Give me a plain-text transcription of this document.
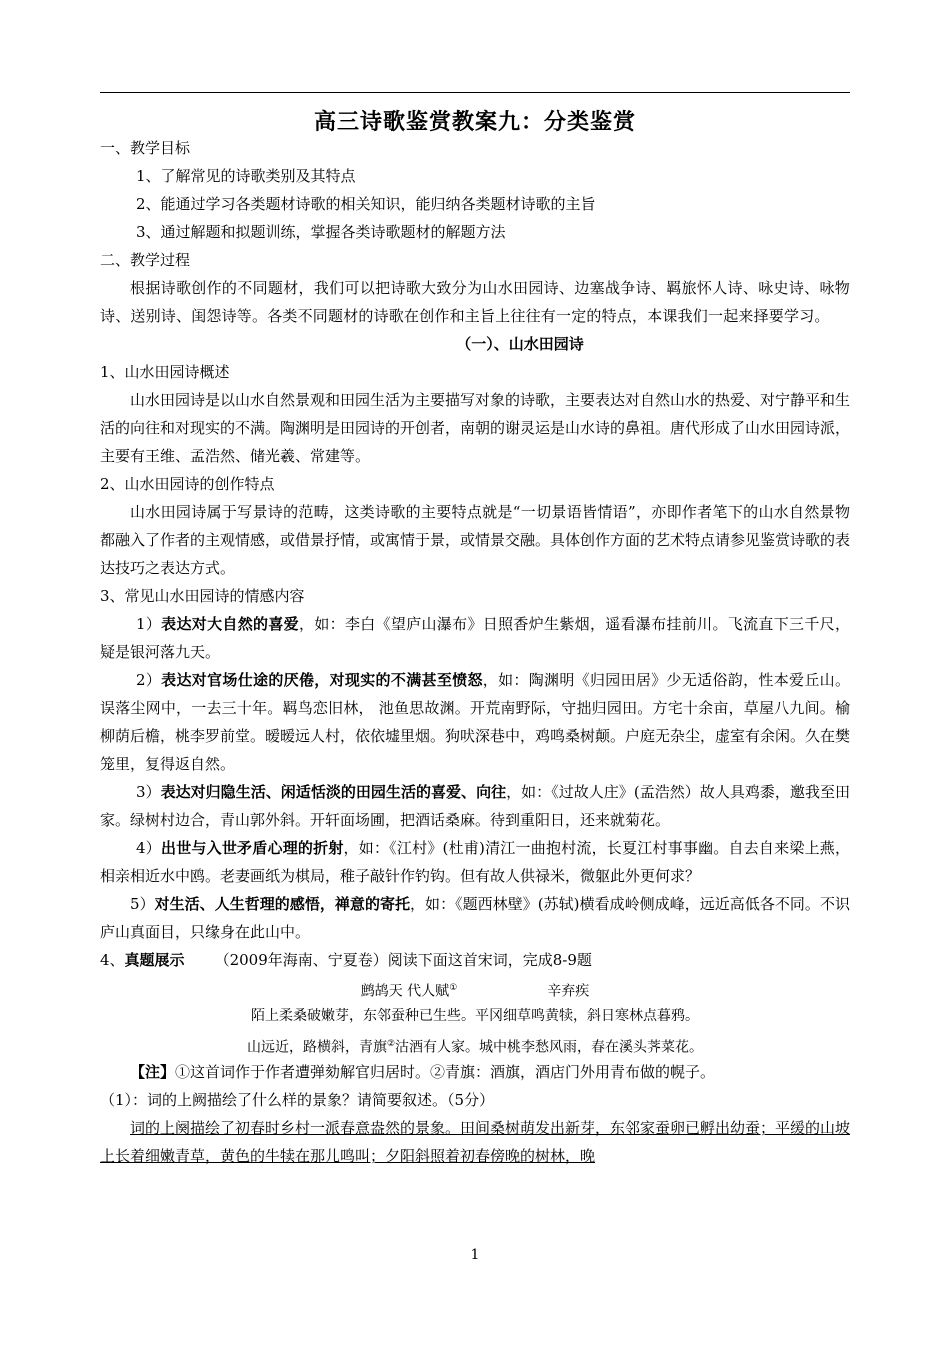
高三诗歌鉴赏教案九：分类鉴赏
一、教学目标
1、了解常见的诗歌类别及其特点
2、能通过学习各类题材诗歌的相关知识，能归纳各类题材诗歌的主旨
3、通过解题和拟题训练，掌握各类诗歌题材的解题方法
二、教学过程
根据诗歌创作的不同题材，我们可以把诗歌大致分为山水田园诗、边塞战争诗、羁旅怀人诗、咏史诗、咏物诗、送别诗、闺怨诗等。各类不同题材的诗歌在创作和主旨上往往有一定的特点，本课我们一起来择要学习。
（一）、山水田园诗
1、山水田园诗概述
山水田园诗是以山水自然景观和田园生活为主要描写对象的诗歌，主要表达对自然山水的热爱、对宁静平和生活的向往和对现实的不满。陶渊明是田园诗的开创者，南朝的谢灵运是山水诗的鼻祖。唐代形成了山水田园诗派，主要有王维、孟浩然、储光羲、常建等。
2、山水田园诗的创作特点
山水田园诗属于写景诗的范畴，这类诗歌的主要特点就是“一切景语皆情语”，亦即作者笔下的山水自然景物都融入了作者的主观情感，或借景抒情，或寓情于景，或情景交融。具体创作方面的艺术特点请参见鉴赏诗歌的表达技巧之表达方式。
3、常见山水田园诗的情感内容
1）表达对大自然的喜爱，如：李白《望庐山瀑布》日照香炉生紫烟，遥看瀑布挂前川。飞流直下三千尺，疑是银河落九天。
2）表达对官场仕途的厌倦，对现实的不满甚至愤怒，如：陶渊明《归园田居》少无适俗韵，性本爱丘山。误落尘网中，一去三十年。羁鸟恋旧林， 池鱼思故渊。开荒南野际，守拙归园田。方宅十余亩，草屋八九间。榆柳荫后檐，桃李罗前堂。暧暧远人村，依依墟里烟。狗吠深巷中，鸡鸣桑树颠。户庭无杂尘，虚室有余闲。久在樊笼里，复得返自然。
3）表达对归隐生活、闲适恬淡的田园生活的喜爱、向往，如：《过故人庄》(孟浩然）故人具鸡黍，邀我至田家。绿树村边合，青山郭外斜。开轩面场圃，把酒话桑麻。待到重阳日，还来就菊花。
4）出世与入世矛盾心理的折射，如：《江村》(杜甫)清江一曲抱村流，长夏江村事事幽。自去自来梁上燕，相亲相近水中鸥。老妻画纸为棋局，稚子敲针作钓钩。但有故人供禄米，微躯此外更何求？
5）对生活、人生哲理的感悟，禅意的寄托，如：《题西林壁》(苏轼)横看成岭侧成峰，远近高低各不同。不识庐山真面目，只缘身在此山中。
4、真题展示 （2009年海南、宁夏卷）阅读下面这首宋词，完成8-9题
鹧鸪天 代人赋①	辛弃疾
陌上柔桑破嫩芽，东邻蚕种已生些。平冈细草鸣黄犊，斜日寒林点暮鸦。
山远近，路横斜，青旗②沽酒有人家。城中桃李愁风雨，春在溪头荠菜花。
【注】①这首词作于作者遭弹劾解官归居时。②青旗：酒旗，酒店门外用青布做的幌子。
（1）：词的上阙描绘了什么样的景象？请简要叙述。（5分）
词的上阕描绘了初春时乡村一派春意盎然的景象。田间桑树萌发出新芽，东邻家蚕卵已孵出幼蚕；平缓的山坡上长着细嫩青草，黄色的牛犊在那儿鸣叫；夕阳斜照着初春傍晚的树林，晚
1
